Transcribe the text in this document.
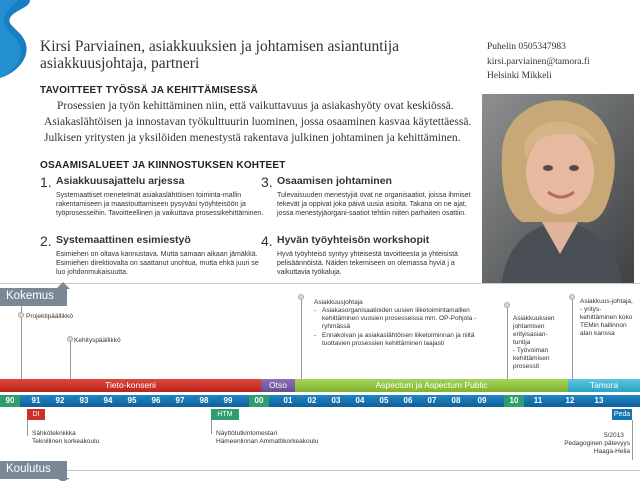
Kirsi Parviainen, asiakkuuksien ja johtamisen asiantuntija asiakkuusjohtaja, partneri
Puhelin 0505347983
kirsi.parviainen@tamora.fi
Helsinki Mikkeli
TAVOITTEET TYÖSSÄ JA KEHITTÄMISESSÄ
Prosessien ja työn kehittäminen niin, että vaikuttavuus ja asiakashyöty ovat keskiössä.
Asiakaslähtöisen ja innostavan työkulttuurin luominen, jossa osaaminen kasvaa käytettäessä.
Julkisen yritysten ja yksilöiden menestystä rakentava julkinen johtaminen ja kehittäminen.
OSAAMISALUEET JA KIINNOSTUKSEN KOHTEET
1. Asiakkuusajattelu arjessa
Systemaattiset menetelmät asiakaslähtöisen toiminta-mallin rakentamiseen ja maastouttamiseen pysyväsi työyhteisöön ja työprosesseihin. Tavoitteellinen ja vaikuttava prosessikehittäminen.
2. Systemaattinen esimiestyö
Esimiehen on oltava kannustava. Mutta samaan aikaan jämäkkä. Esimiehen direktiovalta on saattanut unohtua, mutta ehkä juuri se luo johdonmukaisuutta.
3. Osaamisen johtaminen
Tulevaisuuden menestyjiä ovat ne organisaatiot, joissa ihmiset tekevät ja oppivat joka päivä uusia asioita. Takana on ne ajat, jossa menestyjäorgani-saatiot tehtiin niiten parhaiten osattiin.
4. Hyvän työyhteisön workshopit
Hyvä työyhteisö syntyy yhteisestä tavoitteesta ja yhteisistä pelisäännöistä. Näiden tekemiseen on olemassa hyviä j a vaikuttavia työkaluja.
Kokemus
Projektipäällikkö
Kehityspäällikkö
Asiakkuusjohtaja
- Asiakasorganisaatioiden uusien liiketoimintamallien kehittäminen vuosien prosesseissa mm. OP-Pohjola -ryhmässä
- Ennakoivan ja asiakaslähtöisen liiketoiminnan ja niitä tuottavien prosessien kehittäminen laajasti
Asiakkuuksien johtamisen erityisasian-tuntija
- Työvoiman kehittämisen prosessit
Asiakkuus-johtaja,
- yritys-kehittäminen koko TEMin hallinnon alan kanssa
Tieto-konseni	Otso	Aspectum ja Aspectum Public	Tamora
90	91	92	93	94	95	96	97	98	99	00	01	02	03	04	05	06	07	08	09	10	11	12	13
DI	HTM	Peda
Sähkötekniikka
Teknillinen korkeakoulu
Näyttötutkintomestari
Hämeenlinnan Ammattikorkeakoulu
5/2013
Pedagoginen pätevyys
Haaga-Helia
Koulutus
